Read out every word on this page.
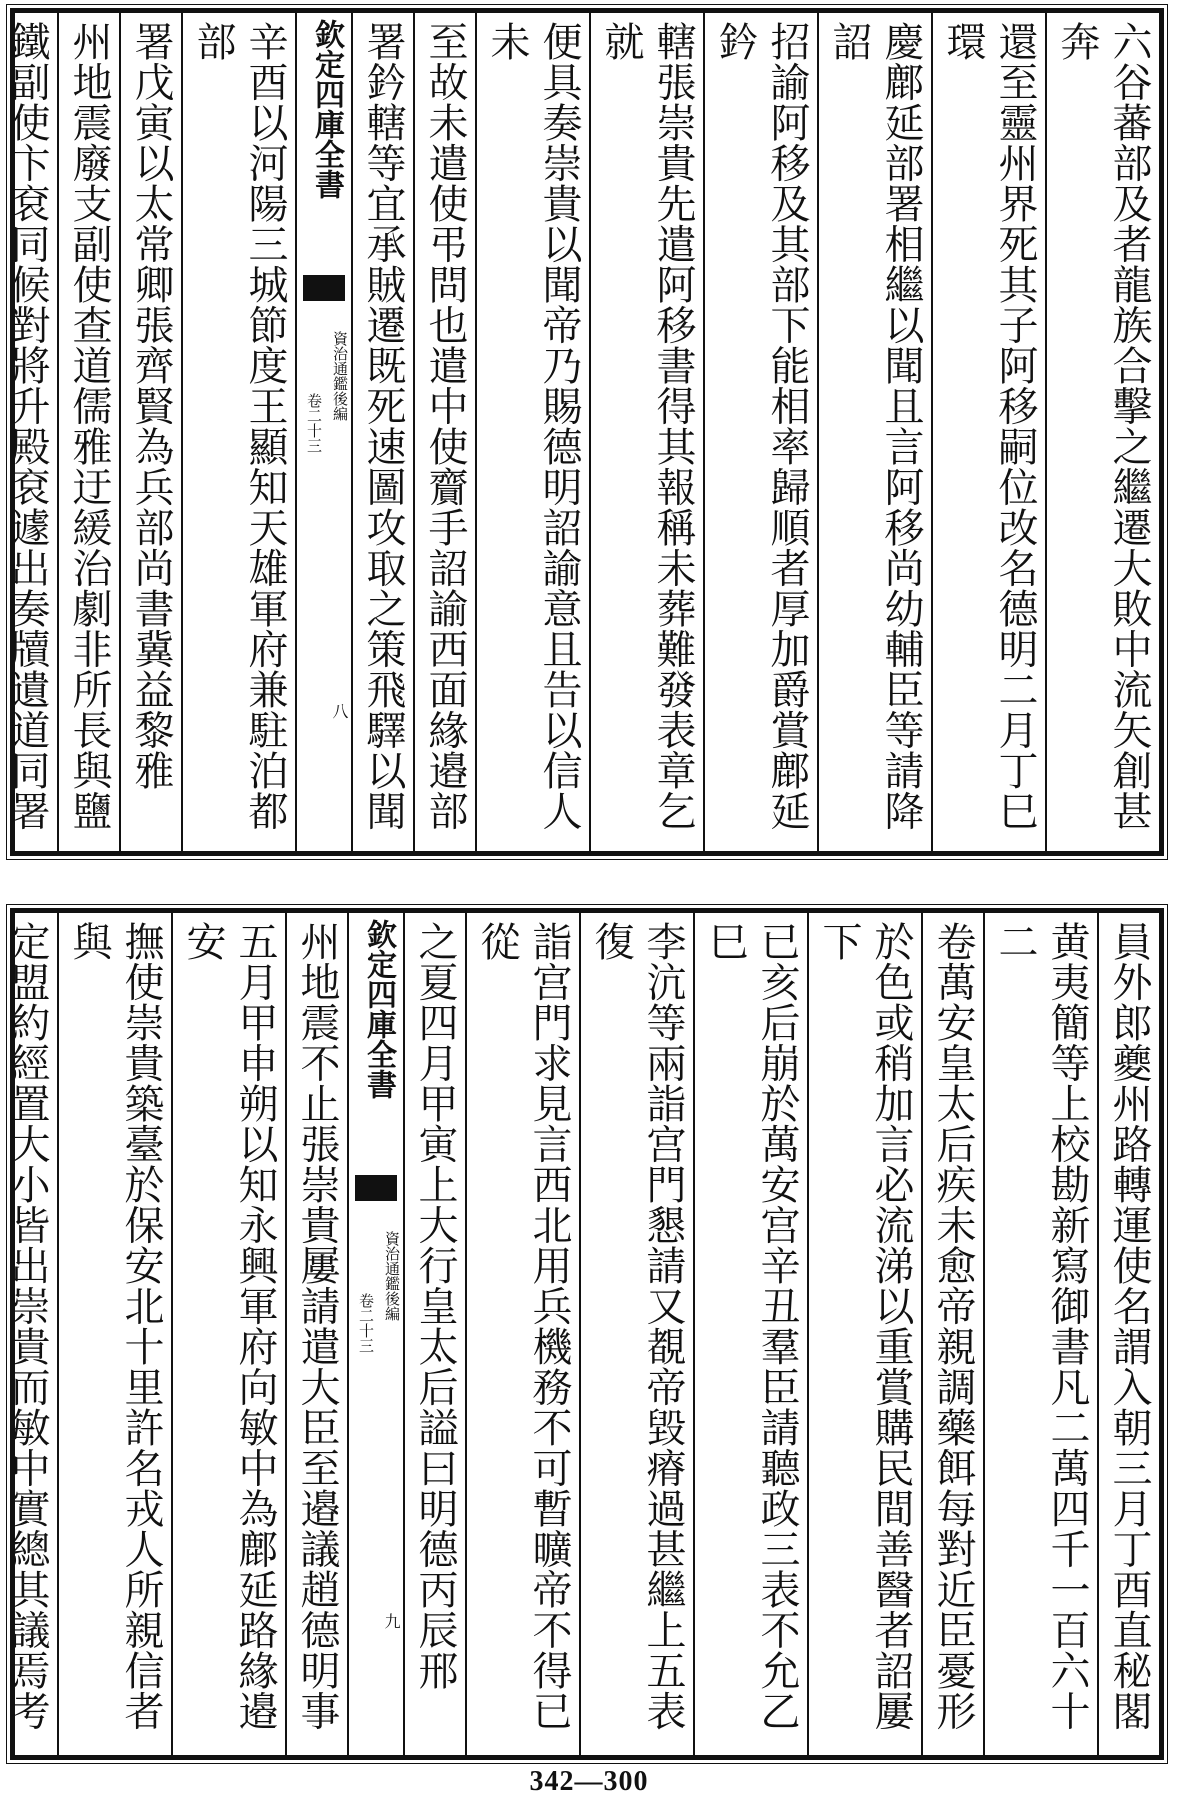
六谷蕃部及者龍族合擊之繼遷大敗中流矢創甚奔
還至靈州界死其子阿移嗣位改名德明二月丁巳環
慶鄜延部署相繼以聞且言阿移尚幼輔臣等請降詔
招諭阿移及其部下能相率歸順者厚加爵賞鄜延鈐
轄張崇貴先遣阿移書得其報稱未葬難發表章乞就
便具奏崇貴以聞帝乃賜德明詔諭意且告以信人未
至故未遣使弔問也遣中使齎手詔諭西面緣邉部
署鈐轄等宜承賊遷既死速圖攻取之策飛驛以聞
欽定四庫全書
資治通鑑後編
卷二十三
八
辛酉以河陽三城節度王顯知天雄軍府兼駐泊都部
署戊寅以太常卿張齊賢為兵部尚書冀益黎雅
州地震廢支副使查道儒雅迂緩治劇非所長與鹽
鐵副使卞袞同候對將升殿袞遽出奏牘遺道同署
員外郎夔州路轉運使名謂入朝三月丁酉直秘閣
黄夷簡等上校勘新寫御書凡二萬四千一百六十二
卷萬安皇太后疾未愈帝親調藥餌每對近臣憂形
於色或稍加言必流涕以重賞購民間善醫者詔屢下
已亥后崩於萬安宫辛丑羣臣請聽政三表不允乙巳
李沆等兩詣宫門懇請又覩帝毀瘠過甚繼上五表復
詣宫門求見言西北用兵機務不可暫曠帝不得已從
之夏四月甲寅上大行皇太后謚曰明德丙辰邢
欽定四庫全書
資治通鑑後編
卷二十三
九
州地震不止張崇貴屢請遣大臣至邉議趙德明事
五月甲申朔以知永興軍府向敏中為鄜延路緣邉安
撫使崇貴築臺於保安北十里許名戎人所親信者與
定盟約經置大小皆出崇貴而敏中實總其議焉考
342—300
